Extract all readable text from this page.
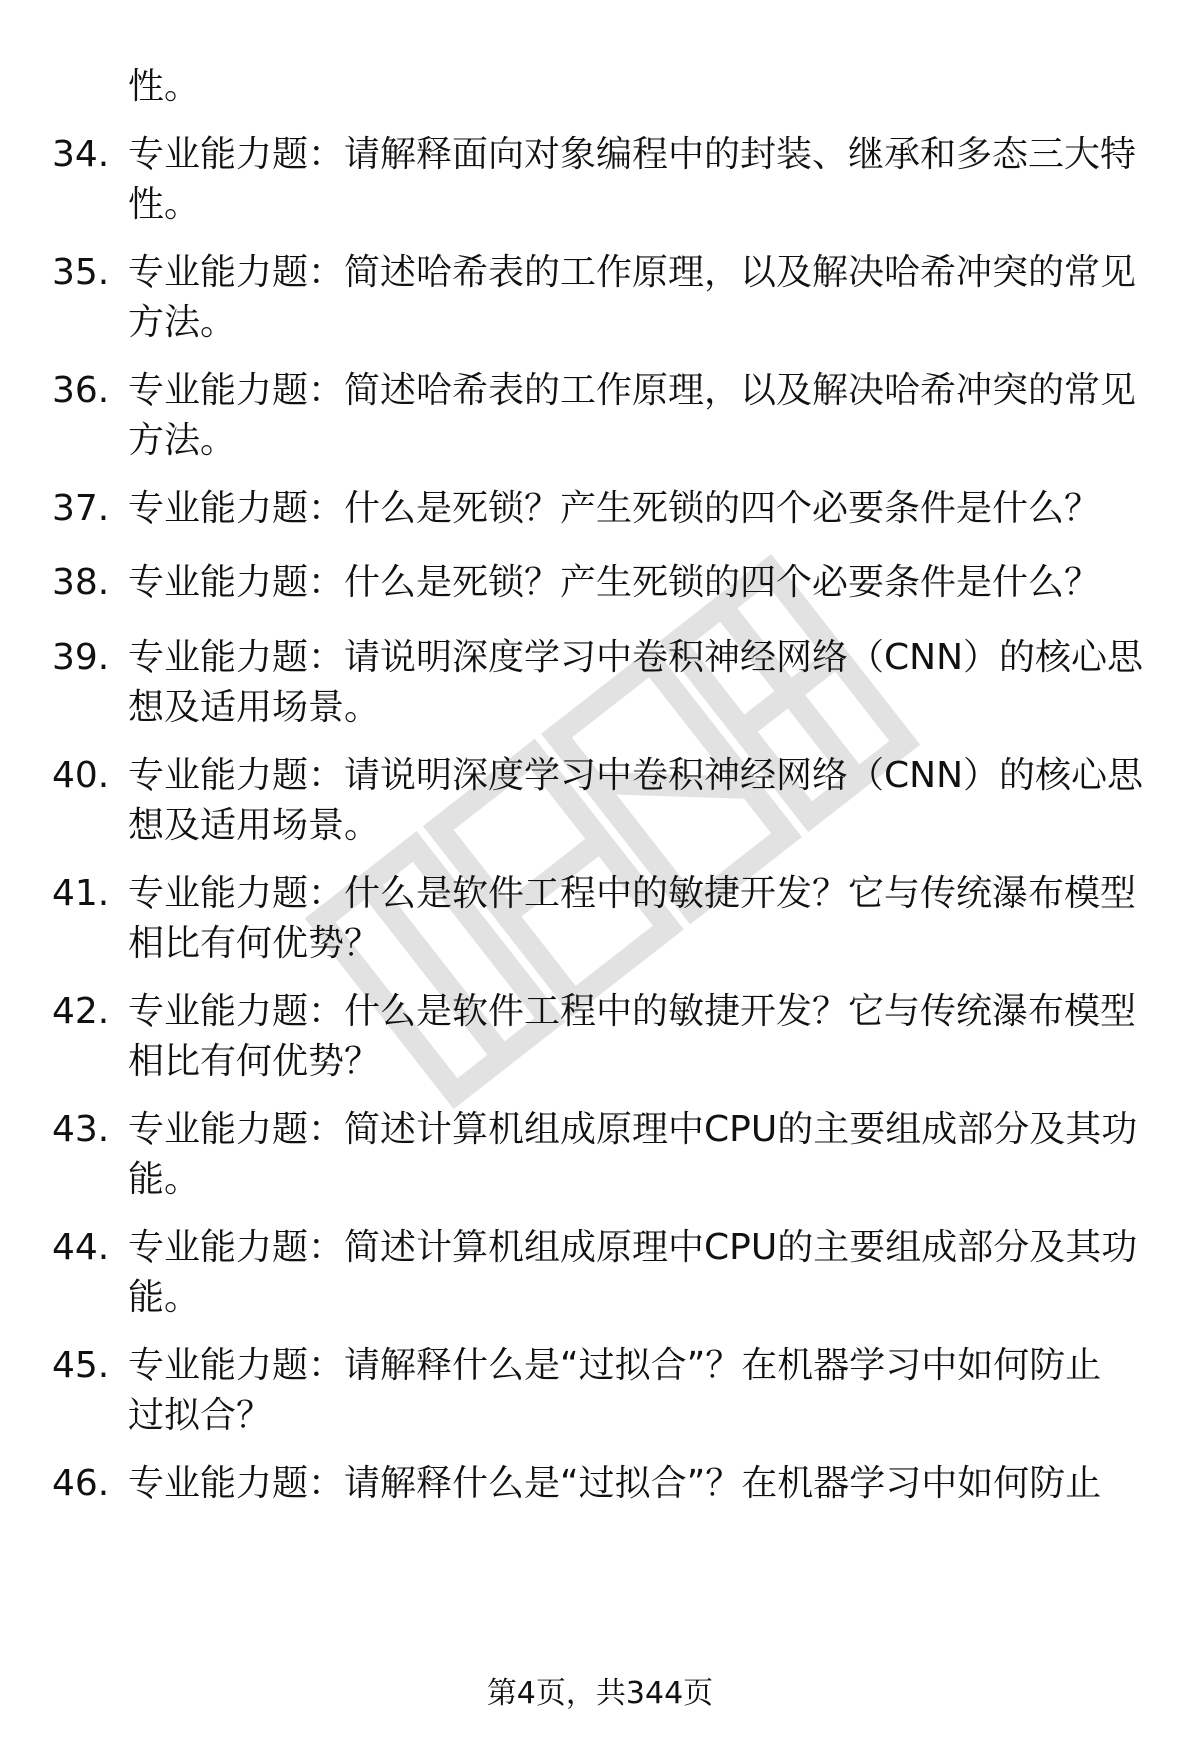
性。
34. 专业能力题：请解释面向对象编程中的封装、继承和多态三大特
性。
35. 专业能力题：简述哈希表的工作原理，以及解决哈希冲突的常见
方法。
36. 专业能力题：简述哈希表的工作原理，以及解决哈希冲突的常见
方法。
37. 专业能力题：什么是死锁？产生死锁的四个必要条件是什么？
38. 专业能力题：什么是死锁？产生死锁的四个必要条件是什么？
39. 专业能力题：请说明深度学习中卷积神经网络（CNN）的核心思
想及适用场景。
40. 专业能力题：请说明深度学习中卷积神经网络（CNN）的核心思
想及适用场景。
41. 专业能力题：什么是软件工程中的敏捷开发？它与传统瀑布模型
相比有何优势？
42. 专业能力题：什么是软件工程中的敏捷开发？它与传统瀑布模型
相比有何优势？
43. 专业能力题：简述计算机组成原理中CPU的主要组成部分及其功
能。
44. 专业能力题：简述计算机组成原理中CPU的主要组成部分及其功
能。
45. 专业能力题：请解释什么是“过拟合”？在机器学习中如何防止
过拟合？
46. 专业能力题：请解释什么是“过拟合”？在机器学习中如何防止
第4页，共344页
